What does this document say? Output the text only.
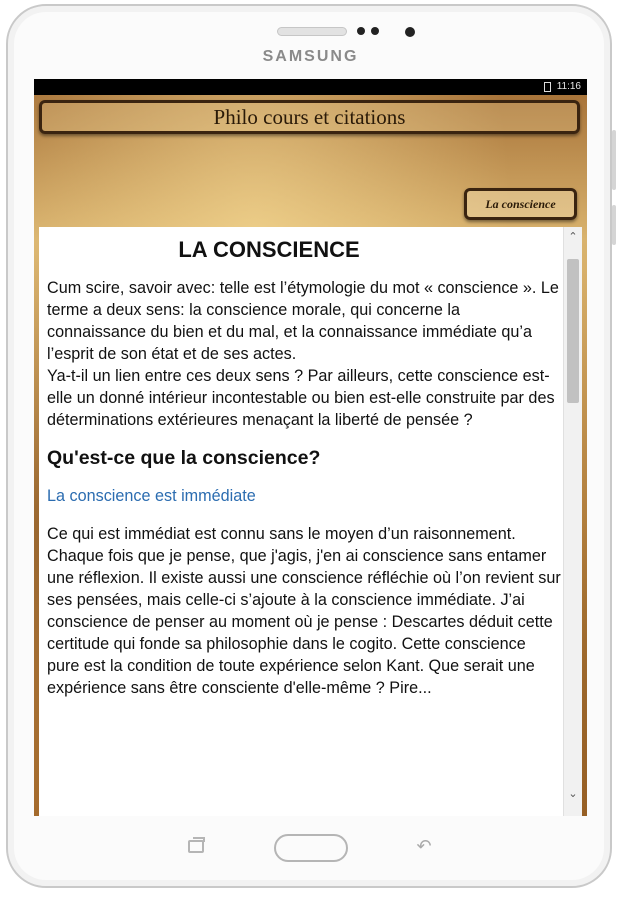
SAMSUNG
11:16
Philo cours et citations
La conscience
LA CONSCIENCE

Cum scire, savoir avec: telle est l’étymologie du mot « conscience ». Le terme a deux sens: la conscience morale, qui concerne la connaissance du bien et du mal, et la connaissance immédiate qu’a l’esprit de son état et de ses actes.

Ya-t-il un lien entre ces deux sens ? Par ailleurs, cette conscience est-elle un donné intérieur incontestable ou bien est-elle construite par des déterminations extérieures menaçant la liberté de pensée ?

Qu'est-ce que la conscience?
La conscience est immédiate

Ce qui est immédiat est connu sans le moyen d’un raisonnement. Chaque fois que je pense, que j'agis, j'en ai conscience sans entamer une réflexion. Il existe aussi une conscience réfléchie où l’on revient sur ses pensées, mais celle-ci s’ajoute à la conscience immédiate. J’ai conscience de penser au moment où je pense : Descartes déduit cette certitude qui fonde sa philosophie dans le cogito. Cette conscience pure est la condition de toute expérience selon Kant. Que serait une expérience sans être consciente d'elle-même ? Pire...

⌃
⌄
↶
